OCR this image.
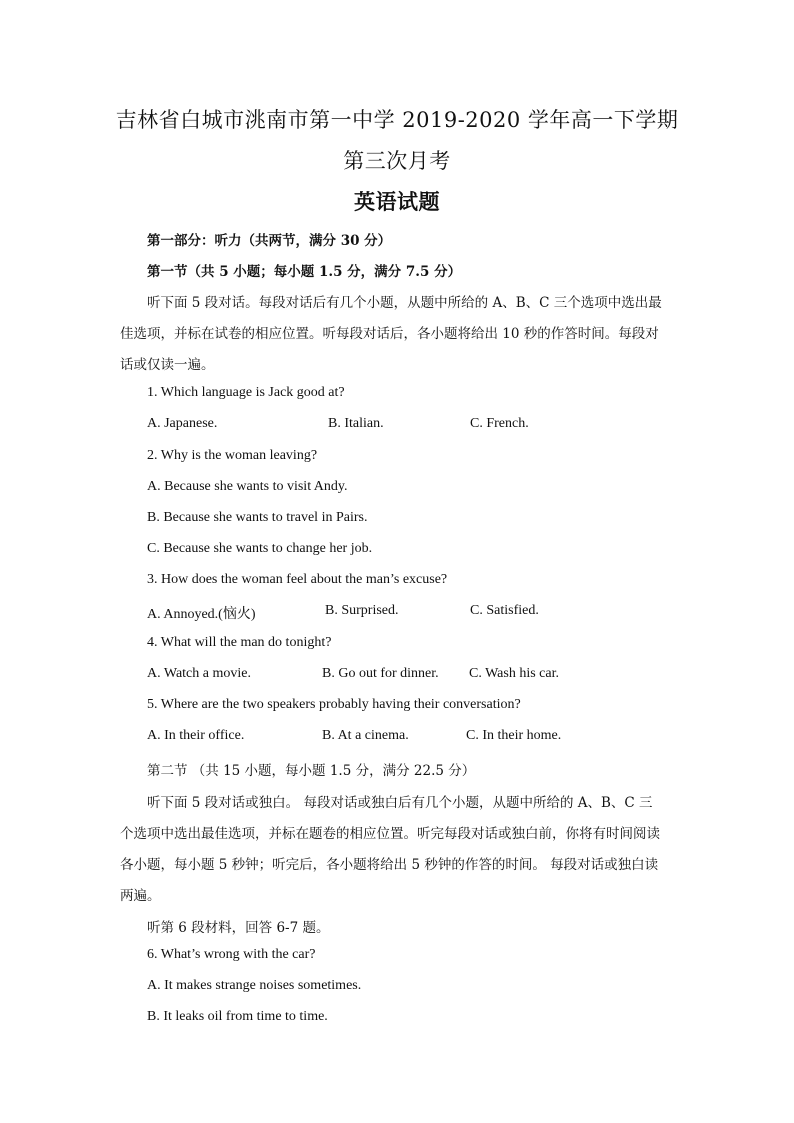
吉林省白城市洮南市第一中学 2019-2020 学年高一下学期
第三次月考
英语试题
第一部分：听力（共两节，满分 30 分）
第一节（共 5 小题；每小题 1.5 分，满分 7.5 分）
听下面 5 段对话。每段对话后有几个小题，从题中所给的 A、B、C 三个选项中选出最
佳选项，并标在试卷的相应位置。听每段对话后，各小题将给出 10 秒的作答时间。每段对
话或仅读一遍。
1. Which language is Jack good at?
A. Japanese.	B. Italian.	C. French.
2. Why is the woman leaving?
A. Because she wants to visit Andy.
B. Because she wants to travel in Pairs.
C. Because she wants to change her job.
3. How does the woman feel about the man’s excuse?
A. Annoyed.(恼火)	B. Surprised.	C. Satisfied.
4. What will the man do tonight?
A. Watch a movie.	B. Go out for dinner. C. Wash his car.
5. Where are the two speakers probably having their conversation?
A. In their office.	B. At a cinema.	C. In their home.
第二节 （共 15 小题，每小题 1.5 分，满分 22.5 分）
听下面 5 段对话或独白。 每段对话或独白后有几个小题，从题中所给的 A、B、C 三
个选项中选出最佳选项，并标在题卷的相应位置。听完每段对话或独白前，你将有时间阅读
各小题，每小题 5 秒钟；听完后，各小题将给出 5 秒钟的作答的时间。 每段对话或独白读
两遍。
听第 6 段材料，回答 6-7 题。
6. What’s wrong with the car?
A. It makes strange noises sometimes.
B. It leaks oil from time to time.
